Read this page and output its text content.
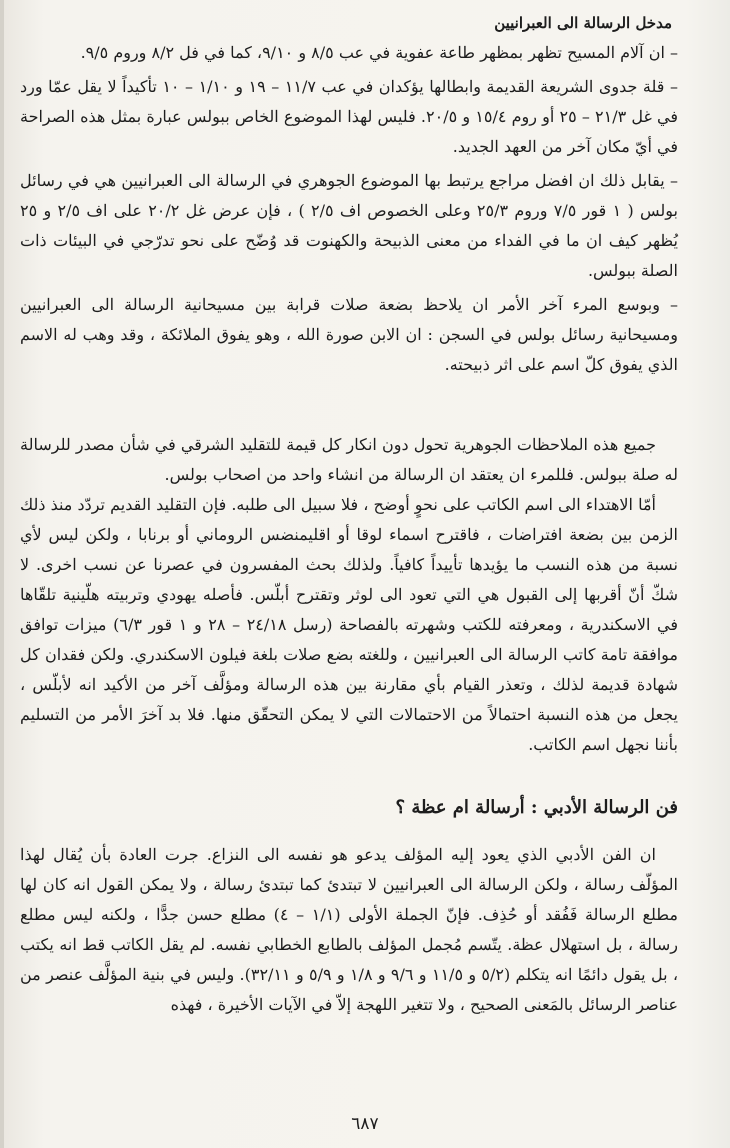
مدخل الرسالة الى العبرانيين

– ان آلام المسيح تظهر بمظهر طاعة عفوية في عب ٨/٥ و ٩/١٠، كما في فل ٨/٢ وروم ٩/٥.

– قلة جدوى الشريعة القديمة وابطالها يؤكدان في عب ١١/٧ – ١٩ و ١/١٠ – ١٠ تأكيداً لا يقل عمّا ورد في غل ٢١/٣ – ٢٥ أو روم ١٥/٤ و ٢٠/٥. فليس لهذا الموضوع الخاص ببولس عبارة بمثل هذه الصراحة في أيّ مكان آخر من العهد الجديد.

– يقابل ذلك ان افضل مراجع يرتبط بها الموضوع الجوهري في الرسالة الى العبرانيين هي في رسائل بولس ( ١ قور ٧/٥ وروم ٢٥/٣ وعلى الخصوص اف ٢/٥ ) ، فإن عرض غل ٢٠/٢ على اف ٢/٥ و ٢٥ يُظهر كيف ان ما في الفداء من معنى الذبيحة والكهنوت قد وُضّح على نحو تدرّجي في البيئات ذات الصلة ببولس.

– وبوسع المرء آخر الأمر ان يلاحظ بضعة صلات قرابة بين مسيحانية الرسالة الى العبرانيين ومسيحانية رسائل بولس في السجن : ان الابن صورة الله ، وهو يفوق الملائكة ، وقد وهب له الاسم الذي يفوق كلّ اسم على اثر ذبيحته.

جميع هذه الملاحظات الجوهرية تحول دون انكار كل قيمة للتقليد الشرقي في شأن مصدر للرسالة له صلة ببولس. فللمرء ان يعتقد ان الرسالة من انشاء واحد من اصحاب بولس.

أمّا الاهتداء الى اسم الكاتب على نحوٍ أوضح ، فلا سبيل الى طلبه. فإن التقليد القديم تردّد منذ ذلك الزمن بين بضعة افتراضات ، فاقترح اسماء لوقا أو اقليمنضس الروماني أو برنابا ، ولكن ليس لأي نسبة من هذه النسب ما يؤيدها تأييداً كافياً. ولذلك بحث المفسرون في عصرنا عن نسب اخرى. لا شكّ أنّ أقربها إلى القبول هي التي تعود الى لوثر وتقترح أبلّس. فأصله يهودي وتربيته هلّينية تلقّاها في الاسكندرية ، ومعرفته للكتب وشهرته بالفصاحة (رسل ٢٤/١٨ – ٢٨ و ١ قور ٦/٣) ميزات توافق موافقة تامة كاتب الرسالة الى العبرانيين ، وللغته بضع صلات بلغة فيلون الاسكندري. ولكن فقدان كل شهادة قديمة لذلك ، وتعذر القيام بأي مقارنة بين هذه الرسالة ومؤلَّف آخر من الأكيد انه لأبلّس ، يجعل من هذه النسبة احتمالاً من الاحتمالات التي لا يمكن التحقّق منها. فلا بد آخرَ الأمر من التسليم بأننا نجهل اسم الكاتب.

فن الرسالة الأدبي : أرسالة ام عظة ؟

ان الفن الأدبي الذي يعود إليه المؤلف يدعو هو نفسه الى النزاع. جرت العادة بأن يُقال لهذا المؤلّف رسالة ، ولكن الرسالة الى العبرانيين لا تبتدئ كما تبتدئ رسالة ، ولا يمكن القول انه كان لها مطلع الرسالة فَفُقد أو حُذِف. فإنّ الجملة الأولى (١/١ – ٤) مطلع حسن جدًّا ، ولكنه ليس مطلع رسالة ، بل استهلال عظة. يتّسم مُجمل المؤلف بالطابع الخطابي نفسه. لم يقل الكاتب قط انه يكتب ، بل يقول دائمًا انه يتكلم (٥/٢ و ١١/٥ و ٩/٦ و ١/٨ و ٥/٩ و ٣٢/١١). وليس في بنية المؤلَّف عنصر من عناصر الرسائل بالمَعنى الصحيح ، ولا تتغير اللهجة إلاّ في الآيات الأخيرة ، فهذه

٦٨٧
